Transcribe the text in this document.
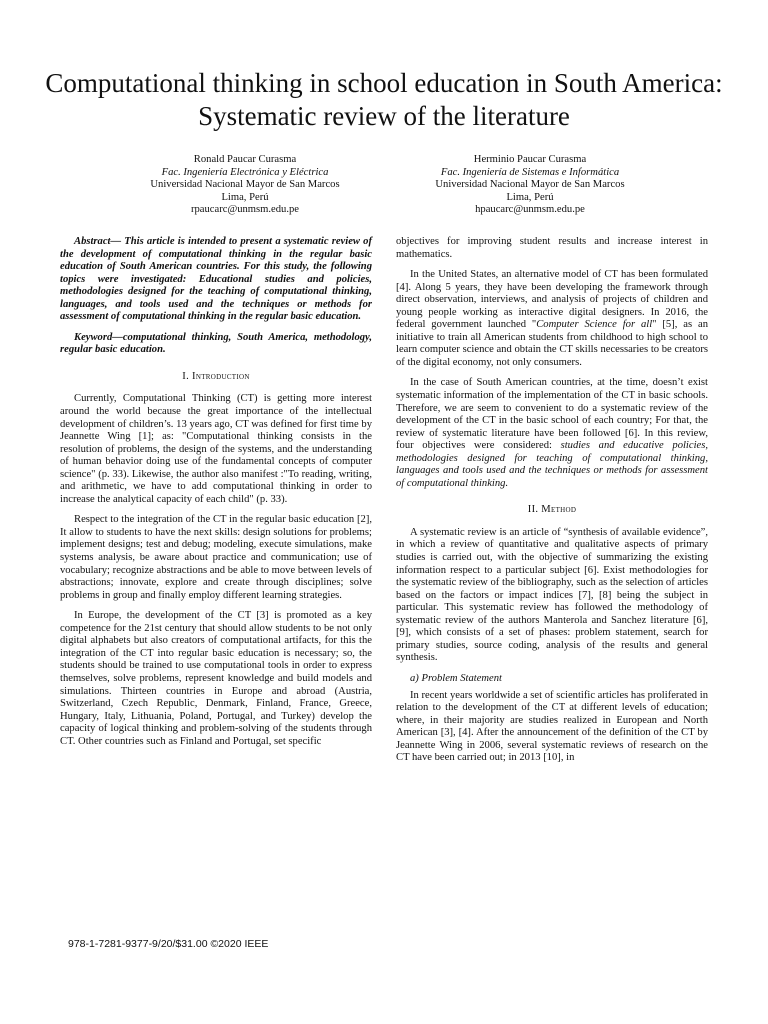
Computational thinking in school education in South America: Systematic review of the literature
Ronald Paucar Curasma
Fac. Ingeniería Electrónica y Eléctrica
Universidad Nacional Mayor de San Marcos
Lima, Perú
rpaucarc@unmsm.edu.pe
Herminio Paucar Curasma
Fac. Ingeniería de Sistemas e Informática
Universidad Nacional Mayor de San Marcos
Lima, Perú
hpaucarc@unmsm.edu.pe

Abstract— This article is intended to present a systematic review of the development of computational thinking in the regular basic education of South American countries. For this study, the following topics were investigated: Educational studies and policies, methodologies designed for the teaching of computational thinking, languages, and tools used and the techniques or methods for assessment of computational thinking in the regular basic education.

Keyword—computational thinking, South America, methodology, regular basic education.

I. Introduction

Currently, Computational Thinking (CT) is getting more interest around the world because the great importance of the intellectual development of children’s. 13 years ago, CT was defined for first time by Jeannette Wing [1]; as: "Computational thinking consists in the resolution of problems, the design of the systems, and the understanding of human behavior doing use of the fundamental concepts of computer science" (p. 33). Likewise, the author also manifest :"To reading, writing, and arithmetic, we have to add computational thinking in order to increase the analytical capacity of each child" (p. 33).

Respect to the integration of the CT in the regular basic education [2], It allow to students to have the next skills: design solutions for problems; implement designs; test and debug; modeling, execute simulations, make systems analysis, be aware about practice and communication; use of vocabulary; recognize abstractions and be able to move between levels of abstractions; innovate, explore and create through disciplines; solve problems in group and finally employ different learning strategies.

In Europe, the development of the CT [3] is promoted as a key competence for the 21st century that should allow students to be not only digital alphabets but also creators of computational artifacts, for this the integration of the CT into regular basic education is necessary; so, the students should be trained to use computational tools in order to express themselves, solve problems, represent knowledge and build models and simulations. Thirteen countries in Europe and abroad (Austria, Switzerland, Czech Republic, Denmark, Finland, France, Greece, Hungary, Italy, Lithuania, Poland, Portugal, and Turkey) develop the capacity of logical thinking and problem-solving of the students through CT. Other countries such as Finland and Portugal, set specific

objectives for improving student results and increase interest in mathematics.

In the United States, an alternative model of CT has been formulated [4]. Along 5 years, they have been developing the framework through direct observation, interviews, and analysis of projects of children and young people working as interactive digital designers. In 2016, the federal government launched "Computer Science for all" [5], as an initiative to train all American students from childhood to high school to learn computer science and obtain the CT skills necessaries to be creators of the digital economy, not only consumers.

In the case of South American countries, at the time, doesn’t exist systematic information of the implementation of the CT in basic schools. Therefore, we are seem to convenient to do a systematic review of the development of the CT in the basic school of each country; For that, the review of systematic literature have been followed [6]. In this review, four objectives were considered: studies and educative policies, methodologies designed for teaching of computational thinking, languages and tools used and the techniques or methods for assessment of computational thinking.

II. Method

A systematic review is an article of “synthesis of available evidence”, in which a review of quantitative and qualitative aspects of primary studies is carried out, with the objective of summarizing the existing information respect to a particular subject [6]. Exist methodologies for the systematic review of the bibliography, such as the selection of articles based on the factors or impact indices [7], [8] being the subject in particular. This systematic review has followed the methodology of systematic review of the authors Manterola and Sanchez literature [6], [9], which consists of a set of phases: problem statement, search for primary studies, source coding, analysis of the results and general synthesis.

a) Problem Statement

In recent years worldwide a set of scientific articles has proliferated in relation to the development of the CT at different levels of education; where, in their majority are studies realized in European and North American [3], [4]. After the announcement of the definition of the CT by Jeannette Wing in 2006, several systematic reviews of research on the CT have been carried out; in 2013 [10], in

978-1-7281-9377-9/20/$31.00 ©2020 IEEE
